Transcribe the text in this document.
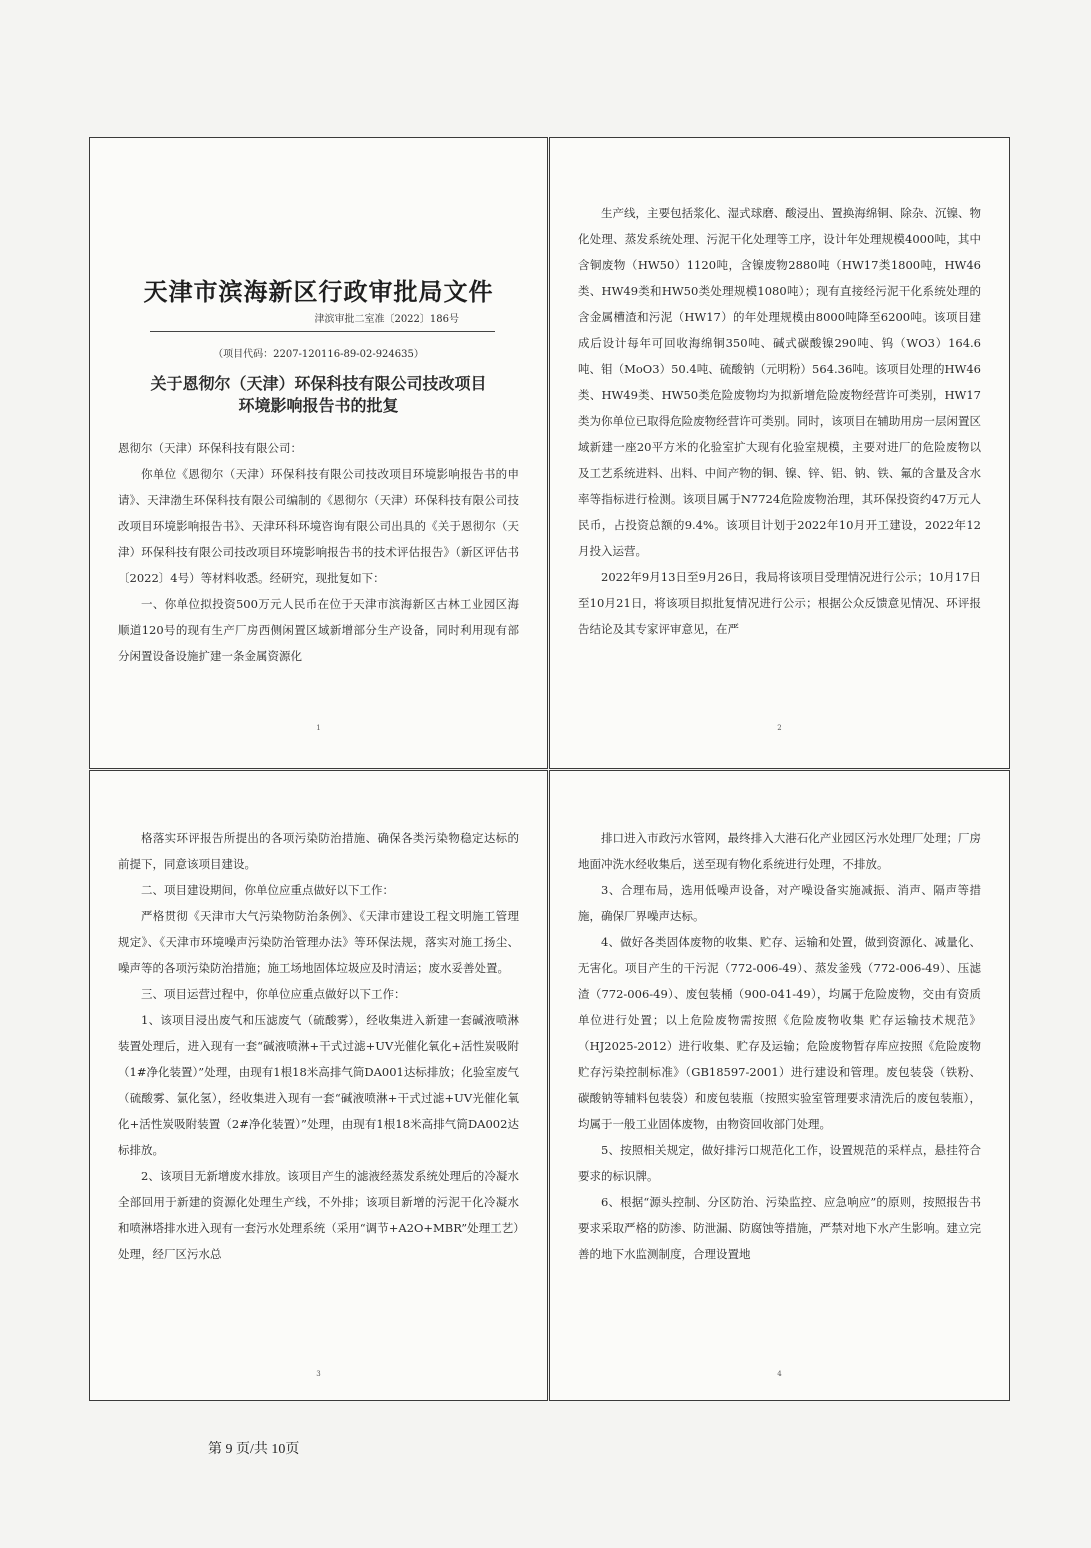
天津市滨海新区行政审批局文件
津滨审批二室准〔2022〕186号
（项目代码：2207-120116-89-02-924635）
关于恩彻尔（天津）环保科技有限公司技改项目
环境影响报告书的批复
恩彻尔（天津）环保科技有限公司：

你单位《恩彻尔（天津）环保科技有限公司技改项目环境影响报告书的申请》、天津渤生环保科技有限公司编制的《恩彻尔（天津）环保科技有限公司技改项目环境影响报告书》、天津环科环境咨询有限公司出具的《关于恩彻尔（天津）环保科技有限公司技改项目环境影响报告书的技术评估报告》（新区评估书〔2022〕4号）等材料收悉。经研究，现批复如下：

一、你单位拟投资500万元人民币在位于天津市滨海新区古林工业园区海顺道120号的现有生产厂房西侧闲置区域新增部分生产设备，同时利用现有部分闲置设备设施扩建一条金属资源化

1

生产线，主要包括浆化、湿式球磨、酸浸出、置换海绵铜、除杂、沉镍、物化处理、蒸发系统处理、污泥干化处理等工序，设计年处理规模4000吨，其中含铜废物（HW50）1120吨，含镍废物2880吨（HW17类1800吨，HW46类、HW49类和HW50类处理规模1080吨）；现有直接经污泥干化系统处理的含金属槽渣和污泥（HW17）的年处理规模由8000吨降至6200吨。该项目建成后设计每年可回收海绵铜350吨、碱式碳酸镍290吨、钨（WO3）164.6吨、钼（MoO3）50.4吨、硫酸钠（元明粉）564.36吨。该项目处理的HW46类、HW49类、HW50类危险废物均为拟新增危险废物经营许可类别，HW17类为你单位已取得危险废物经营许可类别。同时，该项目在辅助用房一层闲置区域新建一座20平方米的化验室扩大现有化验室规模，主要对进厂的危险废物以及工艺系统进料、出料、中间产物的铜、镍、锌、铝、钠、铁、氟的含量及含水率等指标进行检测。该项目属于N7724危险废物治理，其环保投资约47万元人民币，占投资总额的9.4%。该项目计划于2022年10月开工建设，2022年12月投入运营。

2022年9月13日至9月26日，我局将该项目受理情况进行公示；10月17日至10月21日，将该项目拟批复情况进行公示；根据公众反馈意见情况、环评报告结论及其专家评审意见，在严

2

格落实环评报告所提出的各项污染防治措施、确保各类污染物稳定达标的前提下，同意该项目建设。

二、项目建设期间，你单位应重点做好以下工作：

严格贯彻《天津市大气污染物防治条例》、《天津市建设工程文明施工管理规定》、《天津市环境噪声污染防治管理办法》等环保法规，落实对施工扬尘、噪声等的各项污染防治措施；施工场地固体垃圾应及时清运；废水妥善处置。

三、项目运营过程中，你单位应重点做好以下工作：

1、该项目浸出废气和压滤废气（硫酸雾），经收集进入新建一套碱液喷淋装置处理后，进入现有一套“碱液喷淋+干式过滤+UV光催化氧化+活性炭吸附（1#净化装置）”处理，由现有1根18米高排气筒DA001达标排放；化验室废气（硫酸雾、氯化氢），经收集进入现有一套“碱液喷淋+干式过滤+UV光催化氧化+活性炭吸附装置（2#净化装置）”处理，由现有1根18米高排气筒DA002达标排放。

2、该项目无新增废水排放。该项目产生的滤液经蒸发系统处理后的冷凝水全部回用于新建的资源化处理生产线，不外排；该项目新增的污泥干化冷凝水和喷淋塔排水进入现有一套污水处理系统（采用“调节+A2O+MBR”处理工艺）处理，经厂区污水总

3

排口进入市政污水管网，最终排入大港石化产业园区污水处理厂处理；厂房地面冲洗水经收集后，送至现有物化系统进行处理，不排放。

3、合理布局，选用低噪声设备，对产噪设备实施减振、消声、隔声等措施，确保厂界噪声达标。

4、做好各类固体废物的收集、贮存、运输和处置，做到资源化、减量化、无害化。项目产生的干污泥（772-006-49）、蒸发釜残（772-006-49）、压滤渣（772-006-49）、废包装桶（900-041-49），均属于危险废物，交由有资质单位进行处置；以上危险废物需按照《危险废物收集 贮存运输技术规范》（HJ2025-2012）进行收集、贮存及运输；危险废物暂存库应按照《危险废物贮存污染控制标准》（GB18597-2001）进行建设和管理。废包装袋（铁粉、碳酸钠等辅料包装袋）和废包装瓶（按照实验室管理要求清洗后的废包装瓶），均属于一般工业固体废物，由物资回收部门处理。

5、按照相关规定，做好排污口规范化工作，设置规范的采样点，悬挂符合要求的标识牌。

6、根据“源头控制、分区防治、污染监控、应急响应”的原则，按照报告书要求采取严格的防渗、防泄漏、防腐蚀等措施，严禁对地下水产生影响。建立完善的地下水监测制度，合理设置地

4
第 9 页/共 10页
